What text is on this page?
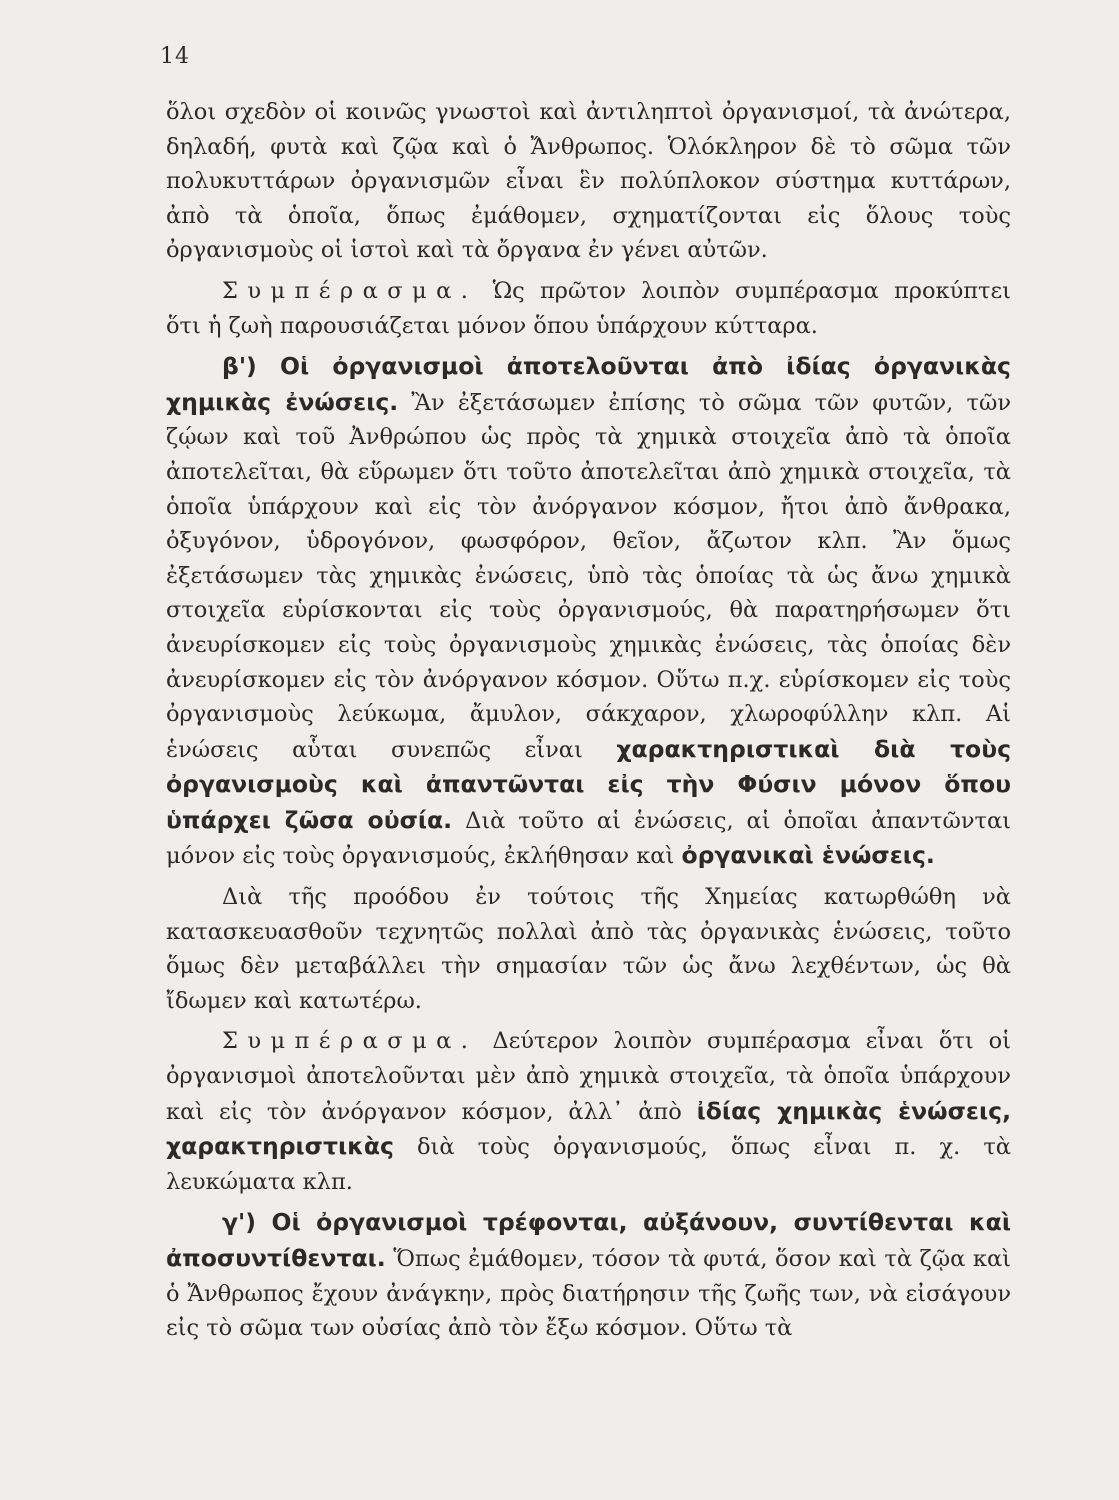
14

ὅλοι σχεδὸν οἱ κοινῶς γνωστοὶ καὶ ἀντιληπτοὶ ὀργανισμοί, τὰ ἀνώτερα, δηλαδή, φυτὰ καὶ ζῷα καὶ ὁ Ἄνθρωπος. Ὁλόκληρον δὲ τὸ σῶμα τῶν πολυκυττάρων ὀργανισμῶν εἶναι ἓν πολύπλοκον σύστημα κυττάρων, ἀπὸ τὰ ὁποῖα, ὅπως ἐμάθομεν, σχηματίζονται εἰς ὅλους τοὺς ὀργανισμοὺς οἱ ἱστοὶ καὶ τὰ ὄργανα ἐν γένει αὐτῶν.

Συμπέρασμα. Ὡς πρῶτον λοιπὸν συμπέρασμα προκύπτει ὅτι ἡ ζωὴ παρουσιάζεται μόνον ὅπου ὑπάρχουν κύτταρα.

β') Οἱ ὀργανισμοὶ ἀποτελοῦνται ἀπὸ ἰδίας ὀργανικὰς χημικὰς ἐνώσεις. Ἂν ἐξετάσωμεν ἐπίσης τὸ σῶμα τῶν φυτῶν, τῶν ζῴων καὶ τοῦ Ἀνθρώπου ὡς πρὸς τὰ χημικὰ στοιχεῖα ἀπὸ τὰ ὁποῖα ἀποτελεῖται, θὰ εὕρωμεν ὅτι τοῦτο ἀποτελεῖται ἀπὸ χημικὰ στοιχεῖα, τὰ ὁποῖα ὑπάρχουν καὶ εἰς τὸν ἀνόργανον κόσμον, ἤτοι ἀπὸ ἄνθρακα, ὀξυγόνον, ὑδρογόνον, φωσφόρον, θεῖον, ἄζωτον κλπ. Ἂν ὅμως ἐξετάσωμεν τὰς χημικὰς ἐνώσεις, ὑπὸ τὰς ὁποίας τὰ ὡς ἄνω χημικὰ στοιχεῖα εὑρίσκονται εἰς τοὺς ὀργανισμούς, θὰ παρατηρήσωμεν ὅτι ἀνευρίσκομεν εἰς τοὺς ὀργανισμοὺς χημικὰς ἐνώσεις, τὰς ὁποίας δὲν ἀνευρίσκομεν εἰς τὸν ἀνόργανον κόσμον. Οὕτω π.χ. εὑρίσκομεν εἰς τοὺς ὀργανισμοὺς λεύκωμα, ἄμυλον, σάκχαρον, χλωροφύλλην κλπ. Αἱ ἑνώσεις αὗται συνεπῶς εἶναι χαρακτηριστικαὶ διὰ τοὺς ὀργανισμοὺς καὶ ἀπαντῶνται εἰς τὴν Φύσιν μόνον ὅπου ὑπάρχει ζῶσα οὐσία. Διὰ τοῦτο αἱ ἑνώσεις, αἱ ὁποῖαι ἀπαντῶνται μόνον εἰς τοὺς ὀργανισμούς, ἐκλήθησαν καὶ ὀργανικαὶ ἑνώσεις.

Διὰ τῆς προόδου ἐν τούτοις τῆς Χημείας κατωρθώθη νὰ κατασκευασθοῦν τεχνητῶς πολλαὶ ἀπὸ τὰς ὀργανικὰς ἑνώσεις, τοῦτο ὅμως δὲν μεταβάλλει τὴν σημασίαν τῶν ὡς ἄνω λεχθέντων, ὡς θὰ ἴδωμεν καὶ κατωτέρω.

Συμπέρασμα. Δεύτερον λοιπὸν συμπέρασμα εἶναι ὅτι οἱ ὀργανισμοὶ ἀποτελοῦνται μὲν ἀπὸ χημικὰ στοιχεῖα, τὰ ὁποῖα ὑπάρχουν καὶ εἰς τὸν ἀνόργανον κόσμον, ἀλλ᾽ ἀπὸ ἰδίας χημικὰς ἑνώσεις, χαρακτηριστικὰς διὰ τοὺς ὀργανισμούς, ὅπως εἶναι π. χ. τὰ λευκώματα κλπ.

γ') Οἱ ὀργανισμοὶ τρέφονται, αὐξάνουν, συντίθενται καὶ ἀποσυντίθενται. Ὅπως ἐμάθομεν, τόσον τὰ φυτά, ὅσον καὶ τὰ ζῷα καὶ ὁ Ἄνθρωπος ἔχουν ἀνάγκην, πρὸς διατήρησιν τῆς ζωῆς των, νὰ εἰσάγουν εἰς τὸ σῶμα των οὐσίας ἀπὸ τὸν ἔξω κόσμον. Οὕτω τὰ
